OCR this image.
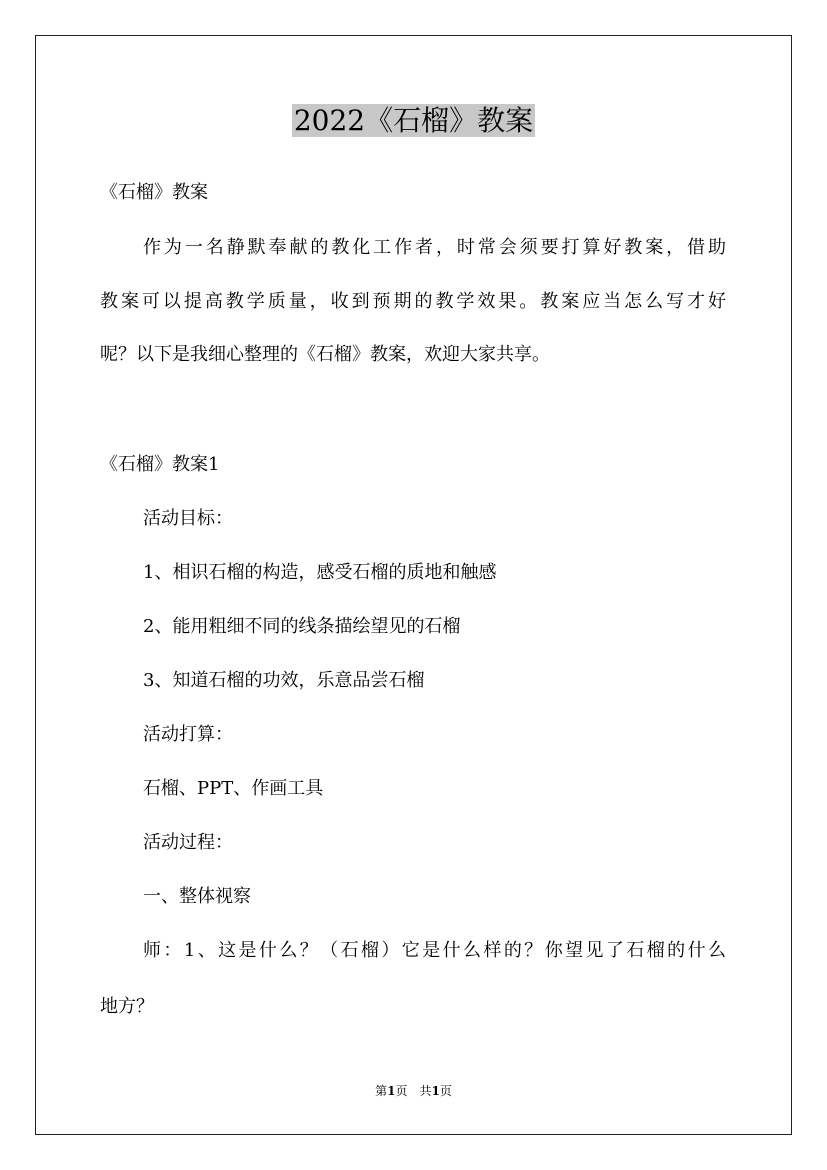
2022《石榴》教案

《石榴》教案

作为一名静默奉献的教化工作者，时常会须要打算好教案，借助

教案可以提高教学质量，收到预期的教学效果。教案应当怎么写才好

呢？以下是我细心整理的《石榴》教案，欢迎大家共享。

《石榴》教案1

活动目标：

1、相识石榴的构造，感受石榴的质地和触感

2、能用粗细不同的线条描绘望见的石榴

3、知道石榴的功效，乐意品尝石榴

活动打算：

石榴、PPT、作画工具

活动过程：

一、整体视察

师：1、这是什么？（石榴）它是什么样的？你望见了石榴的什么

地方？

第1页　共1页
